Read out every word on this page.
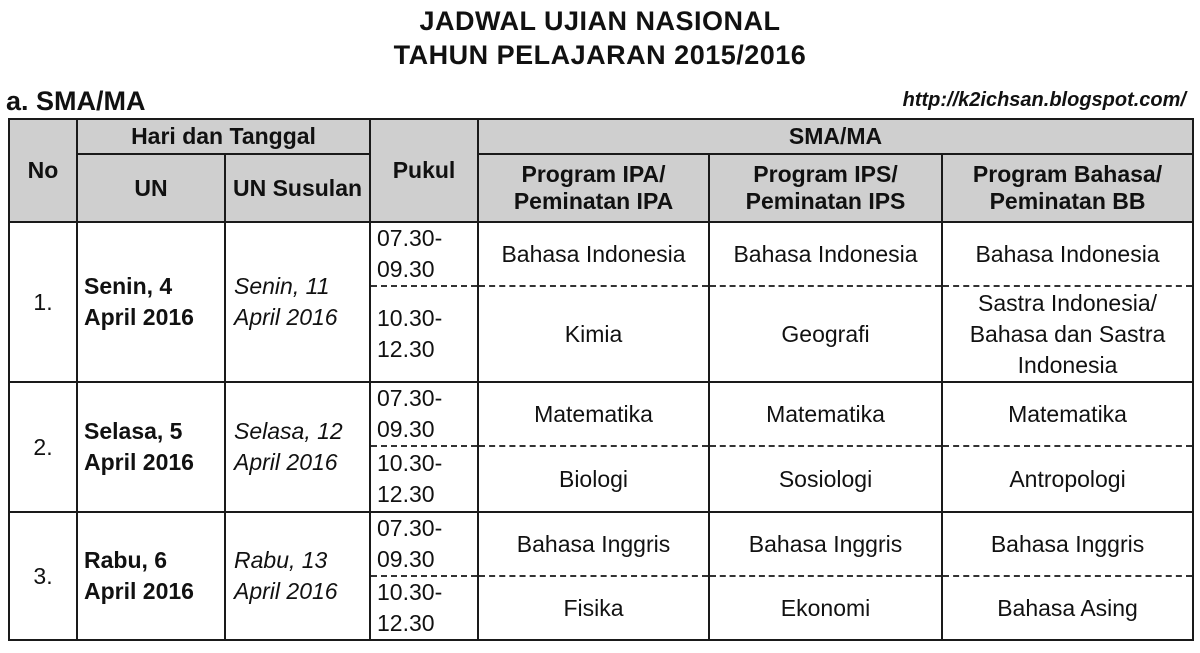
JADWAL UJIAN NASIONAL
TAHUN PELAJARAN 2015/2016
a. SMA/MA	http://k2ichsan.blogspot.com/
No	Hari dan Tanggal		Pukul	SMA/MA		
	UN	UN Susulan		Program IPA/ Peminatan IPA	Program IPS/ Peminatan IPS	Program Bahasa/ Peminatan BB
1.	Senin, 4 April 2016	Senin, 11 April 2016	07.30- 09.30	Bahasa Indonesia	Bahasa Indonesia	Bahasa Indonesia
			10.30- 12.30	Kimia	Geografi	Sastra Indonesia/ Bahasa dan Sastra Indonesia
2.	Selasa, 5 April 2016	Selasa, 12 April 2016	07.30- 09.30	Matematika	Matematika	Matematika
			10.30- 12.30	Biologi	Sosiologi	Antropologi
3.	Rabu, 6 April 2016	Rabu, 13 April 2016	07.30- 09.30	Bahasa Inggris	Bahasa Inggris	Bahasa Inggris
			10.30- 12.30	Fisika	Ekonomi	Bahasa Asing
